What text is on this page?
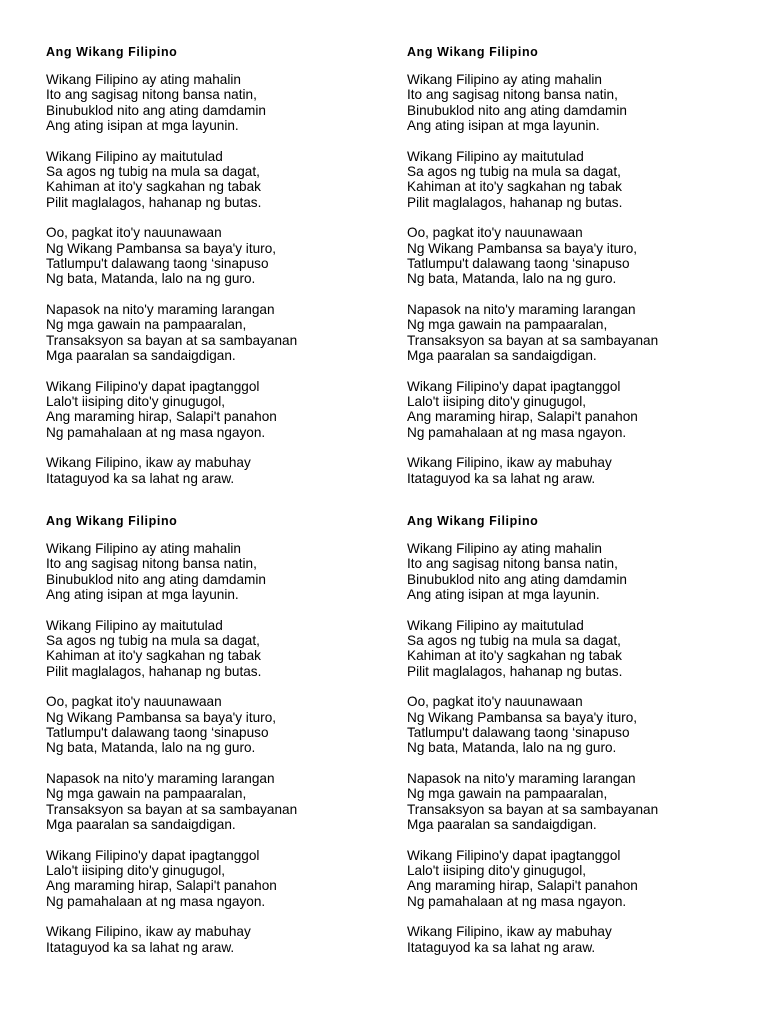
Ang Wikang Filipino
Wikang Filipino ay ating mahalin
Ito ang sagisag nitong bansa natin,
Binubuklod nito ang ating damdamin
Ang ating isipan at mga layunin.
Wikang Filipino ay maitutulad
Sa agos ng tubig na mula sa dagat,
Kahiman at ito'y sagkahan ng tabak
Pilit maglalagos, hahanap ng butas.
Oo, pagkat ito'y nauunawaan
Ng Wikang Pambansa sa baya'y ituro,
Tatlumpu't dalawang taong ‘sinapuso
Ng bata, Matanda, lalo na ng guro.
Napasok na nito'y maraming larangan
Ng mga gawain na pampaaralan,
Transaksyon sa bayan at sa sambayanan
Mga paaralan sa sandaigdigan.
Wikang Filipino'y dapat ipagtanggol
Lalo't iisiping dito'y ginugugol,
Ang maraming hirap, Salapi't panahon
Ng pamahalaan at ng masa ngayon.
Wikang Filipino, ikaw ay mabuhay
Itataguyod ka sa lahat ng araw.
Ang Wikang Filipino
Wikang Filipino ay ating mahalin
Ito ang sagisag nitong bansa natin,
Binubuklod nito ang ating damdamin
Ang ating isipan at mga layunin.
Wikang Filipino ay maitutulad
Sa agos ng tubig na mula sa dagat,
Kahiman at ito'y sagkahan ng tabak
Pilit maglalagos, hahanap ng butas.
Oo, pagkat ito'y nauunawaan
Ng Wikang Pambansa sa baya'y ituro,
Tatlumpu't dalawang taong ‘sinapuso
Ng bata, Matanda, lalo na ng guro.
Napasok na nito'y maraming larangan
Ng mga gawain na pampaaralan,
Transaksyon sa bayan at sa sambayanan
Mga paaralan sa sandaigdigan.
Wikang Filipino'y dapat ipagtanggol
Lalo't iisiping dito'y ginugugol,
Ang maraming hirap, Salapi't panahon
Ng pamahalaan at ng masa ngayon.
Wikang Filipino, ikaw ay mabuhay
Itataguyod ka sa lahat ng araw.
Ang Wikang Filipino
Wikang Filipino ay ating mahalin
Ito ang sagisag nitong bansa natin,
Binubuklod nito ang ating damdamin
Ang ating isipan at mga layunin.
Wikang Filipino ay maitutulad
Sa agos ng tubig na mula sa dagat,
Kahiman at ito'y sagkahan ng tabak
Pilit maglalagos, hahanap ng butas.
Oo, pagkat ito'y nauunawaan
Ng Wikang Pambansa sa baya'y ituro,
Tatlumpu't dalawang taong ‘sinapuso
Ng bata, Matanda, lalo na ng guro.
Napasok na nito'y maraming larangan
Ng mga gawain na pampaaralan,
Transaksyon sa bayan at sa sambayanan
Mga paaralan sa sandaigdigan.
Wikang Filipino'y dapat ipagtanggol
Lalo't iisiping dito'y ginugugol,
Ang maraming hirap, Salapi't panahon
Ng pamahalaan at ng masa ngayon.
Wikang Filipino, ikaw ay mabuhay
Itataguyod ka sa lahat ng araw.
Ang Wikang Filipino
Wikang Filipino ay ating mahalin
Ito ang sagisag nitong bansa natin,
Binubuklod nito ang ating damdamin
Ang ating isipan at mga layunin.
Wikang Filipino ay maitutulad
Sa agos ng tubig na mula sa dagat,
Kahiman at ito'y sagkahan ng tabak
Pilit maglalagos, hahanap ng butas.
Oo, pagkat ito'y nauunawaan
Ng Wikang Pambansa sa baya'y ituro,
Tatlumpu't dalawang taong ‘sinapuso
Ng bata, Matanda, lalo na ng guro.
Napasok na nito'y maraming larangan
Ng mga gawain na pampaaralan,
Transaksyon sa bayan at sa sambayanan
Mga paaralan sa sandaigdigan.
Wikang Filipino'y dapat ipagtanggol
Lalo't iisiping dito'y ginugugol,
Ang maraming hirap, Salapi't panahon
Ng pamahalaan at ng masa ngayon.
Wikang Filipino, ikaw ay mabuhay
Itataguyod ka sa lahat ng araw.
